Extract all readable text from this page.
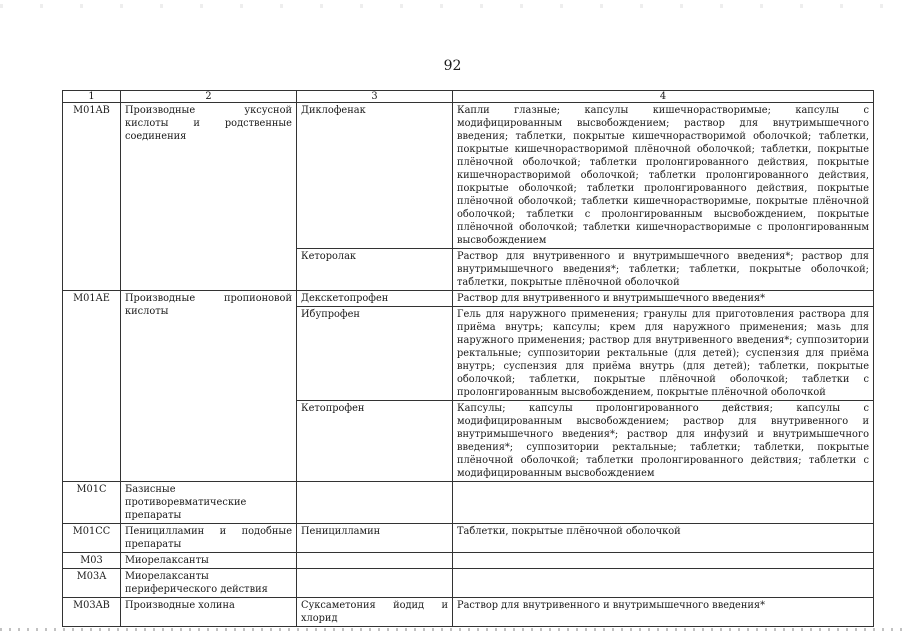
92
1	2	3	4
M01AB	Производные уксусной кислоты и родственные соединения	Диклофенак	Капли глазные; капсулы кишечнорастворимые; капсулы с модифицированным высвобождением; раствор для внутримышечного введения; таблетки, покрытые кишечнорастворимой оболочкой; таблетки, покрытые кишечнорастворимой плёночной оболочкой; таблетки, покрытые плёночной оболочкой; таблетки пролонгированного действия, покрытые кишечнорастворимой оболочкой; таблетки пролонгированного действия, покрытые оболочкой; таблетки пролонгированного действия, покрытые плёночной оболочкой; таблетки кишечнорастворимые, покрытые плёночной оболочкой; таблетки с пролонгированным высвобождением, покрытые плёночной оболочкой; таблетки кишечнорастворимые с пролонгированным высвобождением
		Кеторолак	Раствор для внутривенного и внутримышечного введения*; раствор для внутримышечного введения*; таблетки; таблетки, покрытые оболочкой; таблетки, покрытые плёночной оболочкой
M01AE	Производные пропионовой кислоты	Декскетопрофен	Раствор для внутривенного и внутримышечного введения*
		Ибупрофен	Гель для наружного применения; гранулы для приготовления раствора для приёма внутрь; капсулы; крем для наружного применения; мазь для наружного применения; раствор для внутривенного введения*; суппозитории ректальные; суппозитории ректальные (для детей); суспензия для приёма внутрь; суспензия для приёма внутрь (для детей); таблетки, покрытые оболочкой; таблетки, покрытые плёночной оболочкой; таблетки с пролонгированным высвобождением, покрытые плёночной оболочкой
		Кетопрофен	Капсулы; капсулы пролонгированного действия; капсулы с модифицированным высвобождением; раствор для внутривенного и внутримышечного введения*; раствор для инфузий и внутримышечного введения*; суппозитории ректальные; таблетки; таблетки, покрытые плёночной оболочкой; таблетки пролонгированного действия; таблетки с модифицированным высвобождением
M01C	Базисные противоревматические препараты		
M01CC	Пеницилламин и подобные препараты	Пеницилламин	Таблетки, покрытые плёночной оболочкой
M03	Миорелаксанты		
M03A	Миорелаксанты периферического действия		
M03AB	Производные холина	Суксаметония йодид и хлорид	Раствор для внутривенного и внутримышечного введения*
